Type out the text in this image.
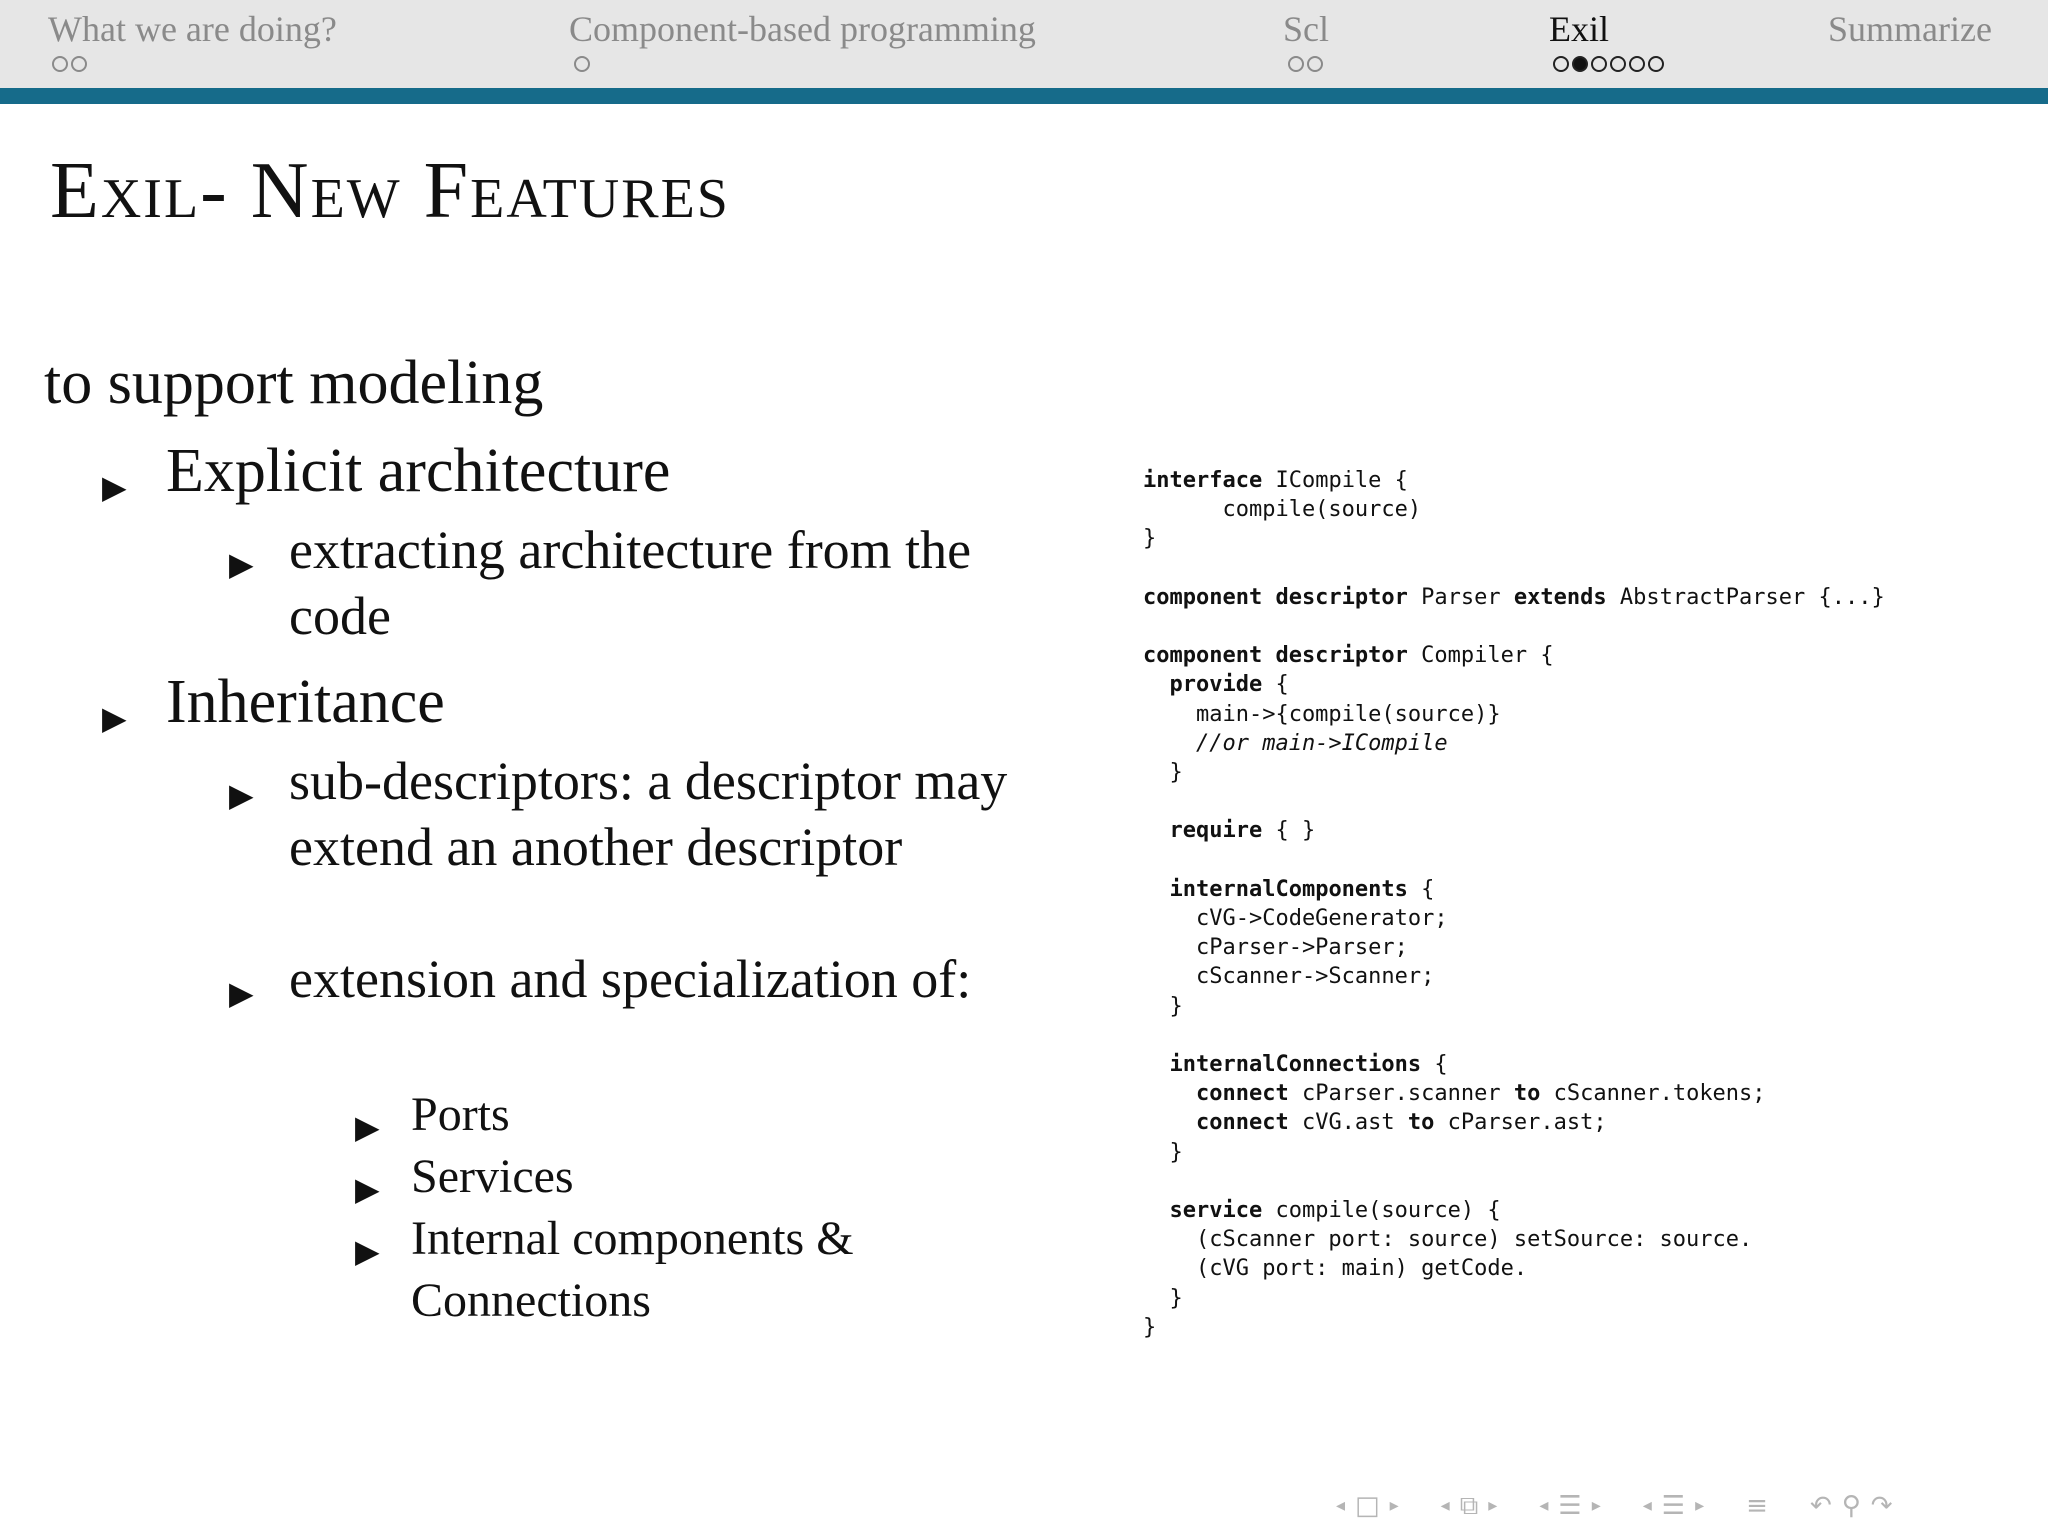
What we are doing?	Component-based programming	Scl	Exil	Summarize
Exil- New Features
to support modeling
▶ Explicit architecture
▶ extracting architecture from the code
▶ Inheritance
▶ sub-descriptors: a descriptor may extend an another descriptor
▶ extension and specialization of:
▶ Ports
▶ Services
▶ Internal components & Connections
interface ICompile {
compile(source)
}
component descriptor Parser extends AbstractParser {...}
component descriptor Compiler {
provide {
main->{compile(source)}
//or main->ICompile
}
require { }
internalComponents {
cVG->CodeGenerator;
cParser->Parser;
cScanner->Scanner;
}
internalConnections {
connect cParser.scanner to cScanner.tokens;
connect cVG.ast to cParser.ast;
}
service compile(source) {
(cScanner port: source) setSource: source.
(cVG port: main) getCode.
}
}
◂ □ ▸ ◂ ⧉ ▸ ◂ ☰ ▸ ◂ ☰ ▸ ≡ ↶ ⚲ ↷
